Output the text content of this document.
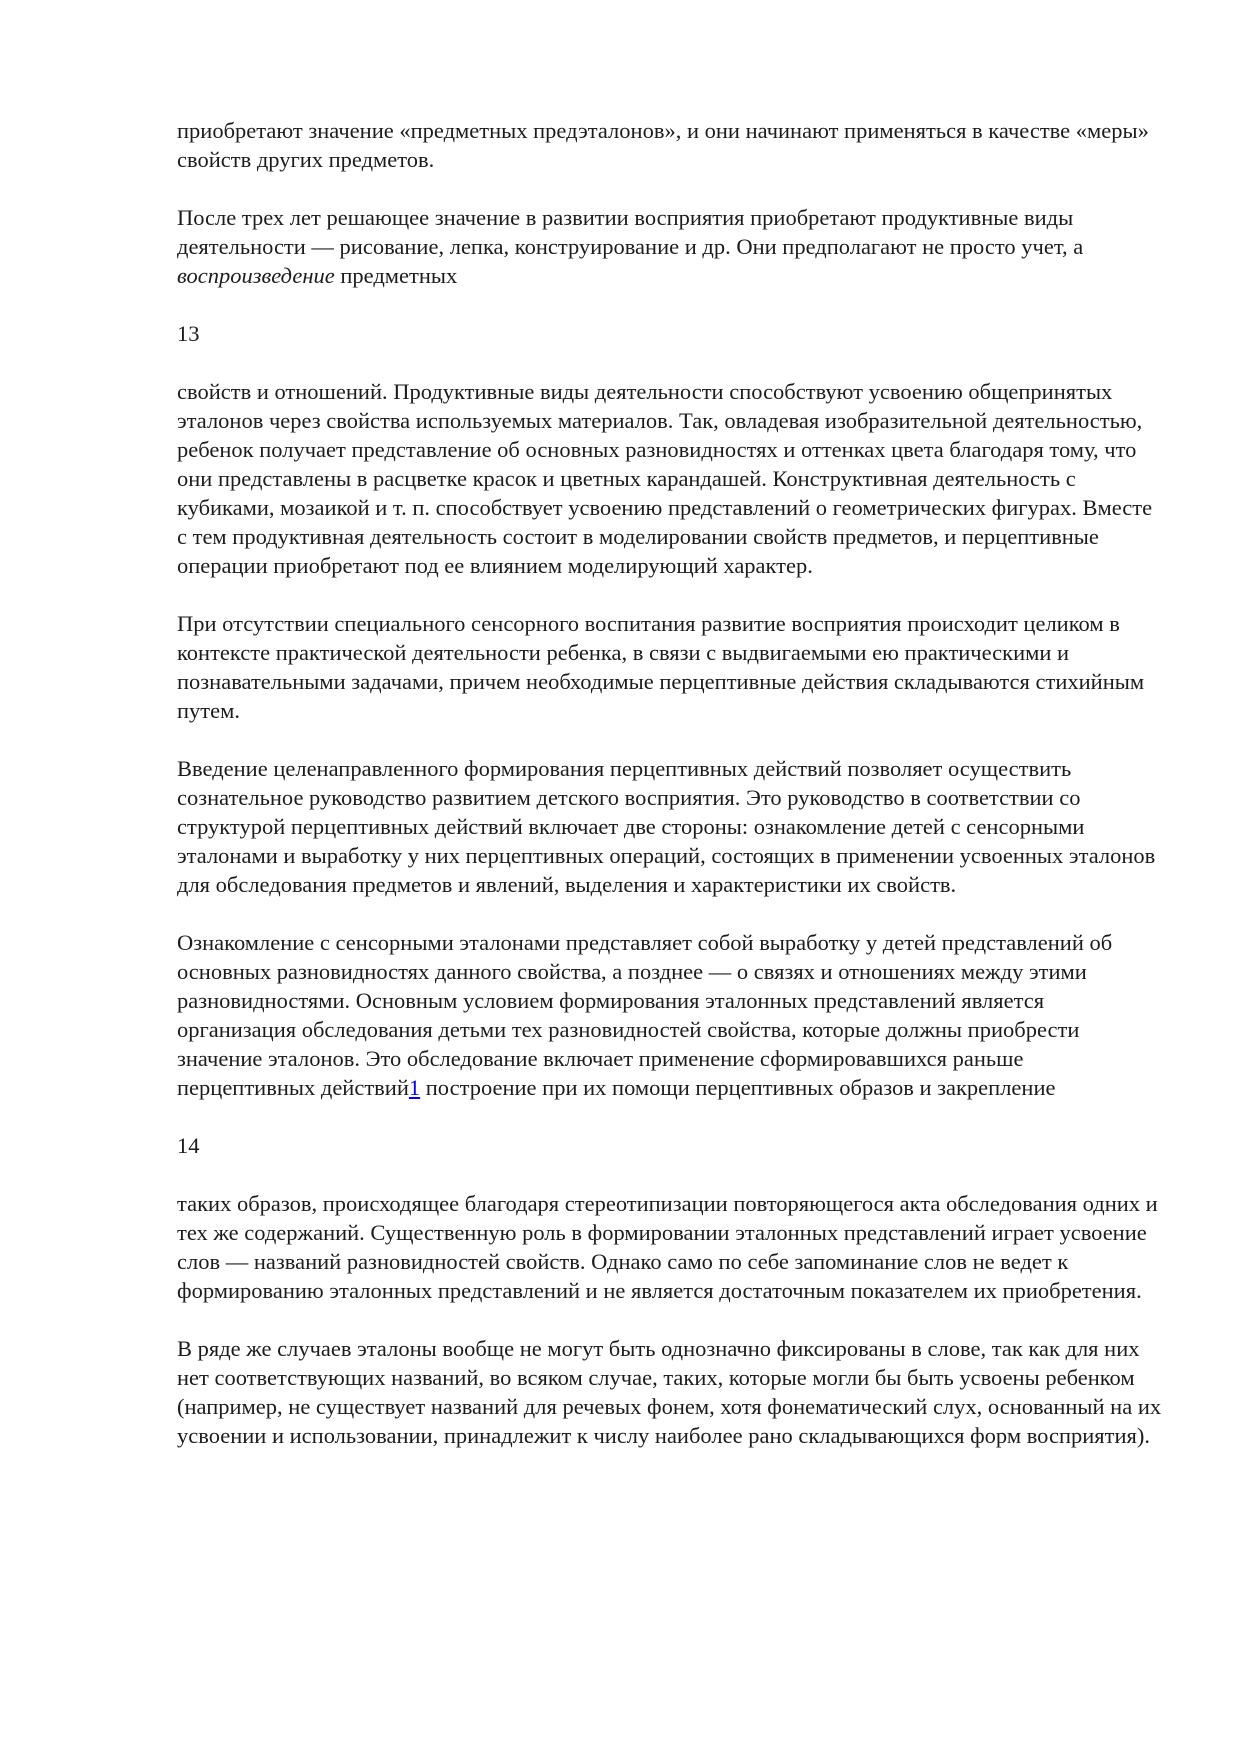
приобретают значение «предметных предэталонов», и они начинают применяться в качестве «меры» свойств других предметов.

После трех лет решающее значение в развитии восприятия приобретают продуктивные виды деятельности — рисование, лепка, конструирование и др. Они предполагают не просто учет, а воспроизведение предметных

13

свойств и отношений. Продуктивные виды деятельности способствуют усвоению общепринятых эталонов через свойства используемых материалов. Так, овладевая изобразительной деятельностью, ребенок получает представление об основных разновидностях и оттенках цвета благодаря тому, что они представлены в расцветке красок и цветных карандашей. Конструктивная деятельность с кубиками, мозаикой и т. п. способствует усвоению представлений о геометрических фигурах. Вместе с тем продуктивная деятельность состоит в моделировании свойств предметов, и перцептивные операции приобретают под ее влиянием моделирующий характер.

При отсутствии специального сенсорного воспитания развитие восприятия происходит целиком в контексте практической деятельности ребенка, в связи с выдвигаемыми ею практическими и познавательными задачами, причем необходимые перцептивные действия складываются стихийным путем.

Введение целенаправленного формирования перцептивных действий позволяет осуществить сознательное руководство развитием детского восприятия. Это руководство в соответствии со структурой перцептивных действий включает две стороны: ознакомление детей с сенсорными эталонами и выработку у них перцептивных операций, состоящих в применении усвоенных эталонов для обследования предметов и явлений, выделения и характеристики их свойств.

Ознакомление с сенсорными эталонами представляет собой выработку у детей представлений об основных разновидностях данного свойства, а позднее — о связях и отношениях между этими разновидностями. Основным условием формирования эталонных представлений является организация обследования детьми тех разновидностей свойства, которые должны приобрести значение эталонов. Это обследование включает применение сформировавшихся раньше перцептивных действий1 построение при их помощи перцептивных образов и закрепление

14

таких образов, происходящее благодаря стереотипизации повторяющегося акта обследования одних и тех же содержаний. Существенную роль в формировании эталонных представлений играет усвоение слов — названий разновидностей свойств. Однако само по себе запоминание слов не ведет к формированию эталонных представлений и не является достаточным показателем их приобретения.

В ряде же случаев эталоны вообще не могут быть однозначно фиксированы в слове, так как для них нет соответствующих названий, во всяком случае, таких, которые могли бы быть усвоены ребенком (например, не существует названий для речевых фонем, хотя фонематический слух, основанный на их усвоении и использовании, принадлежит к числу наиболее рано складывающихся форм восприятия).
